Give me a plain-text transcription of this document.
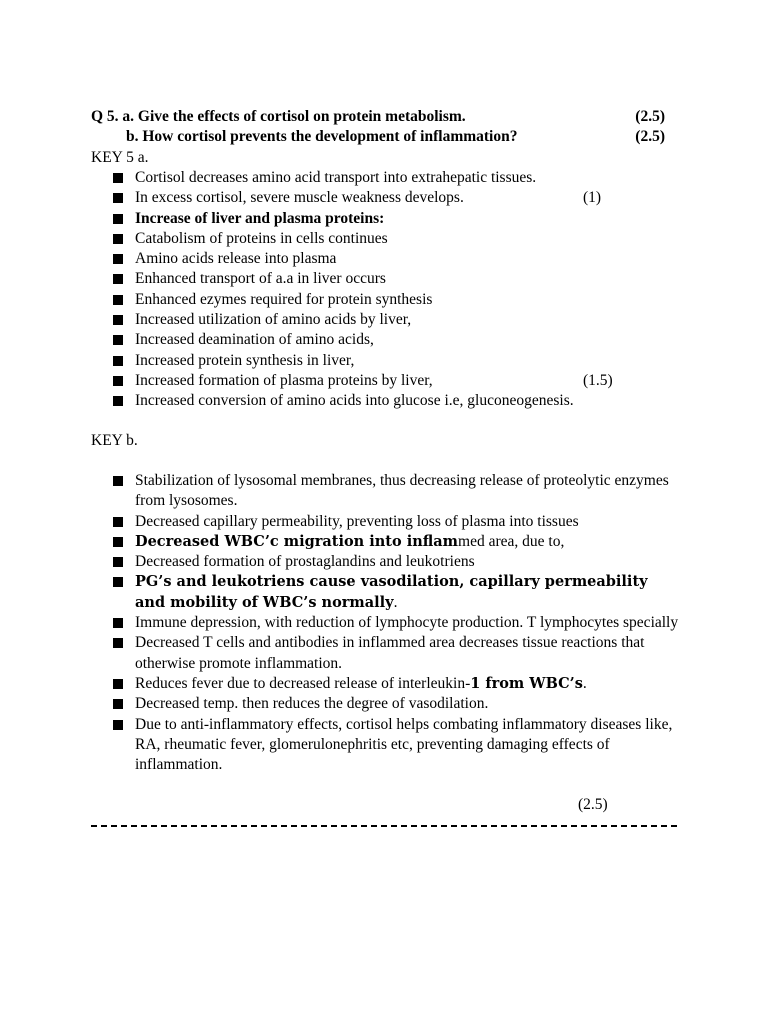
Q 5. a. Give the effects of cortisol on protein metabolism.	(2.5)
b. How cortisol prevents the development of inflammation?	(2.5)
KEY 5 a.
Cortisol decreases amino acid transport into extrahepatic tissues.
In excess cortisol, severe muscle weakness develops.	(1)
Increase of liver and plasma proteins:
Catabolism of proteins in cells continues
Amino acids release into plasma
Enhanced transport of a.a in liver occurs
Enhanced ezymes required for protein synthesis
Increased utilization of amino acids by liver,
Increased deamination of amino acids,
Increased protein synthesis in liver,
Increased formation of plasma proteins by liver,	(1.5)
Increased conversion of amino acids into glucose i.e, gluconeogenesis.
KEY b.
Stabilization of lysosomal membranes, thus decreasing release of proteolytic enzymes from lysosomes.
Decreased capillary permeability, preventing loss of plasma into tissues
Decreased WBC’c migration into inflammed area, due to,
Decreased formation of prostaglandins and leukotriens
PG’s and leukotriens cause vasodilation, capillary permeability and mobility of WBC’s normally.
Immune depression, with reduction of lymphocyte production. T lymphocytes specially
Decreased T cells and antibodies in inflammed area decreases tissue reactions that otherwise promote inflammation.
Reduces fever due to decreased release of interleukin-1 from WBC’s.
Decreased temp. then reduces the degree of vasodilation.
Due to anti-inflammatory effects, cortisol helps combating inflammatory diseases like, RA, rheumatic fever, glomerulonephritis etc, preventing damaging effects of inflammation.
(2.5)
